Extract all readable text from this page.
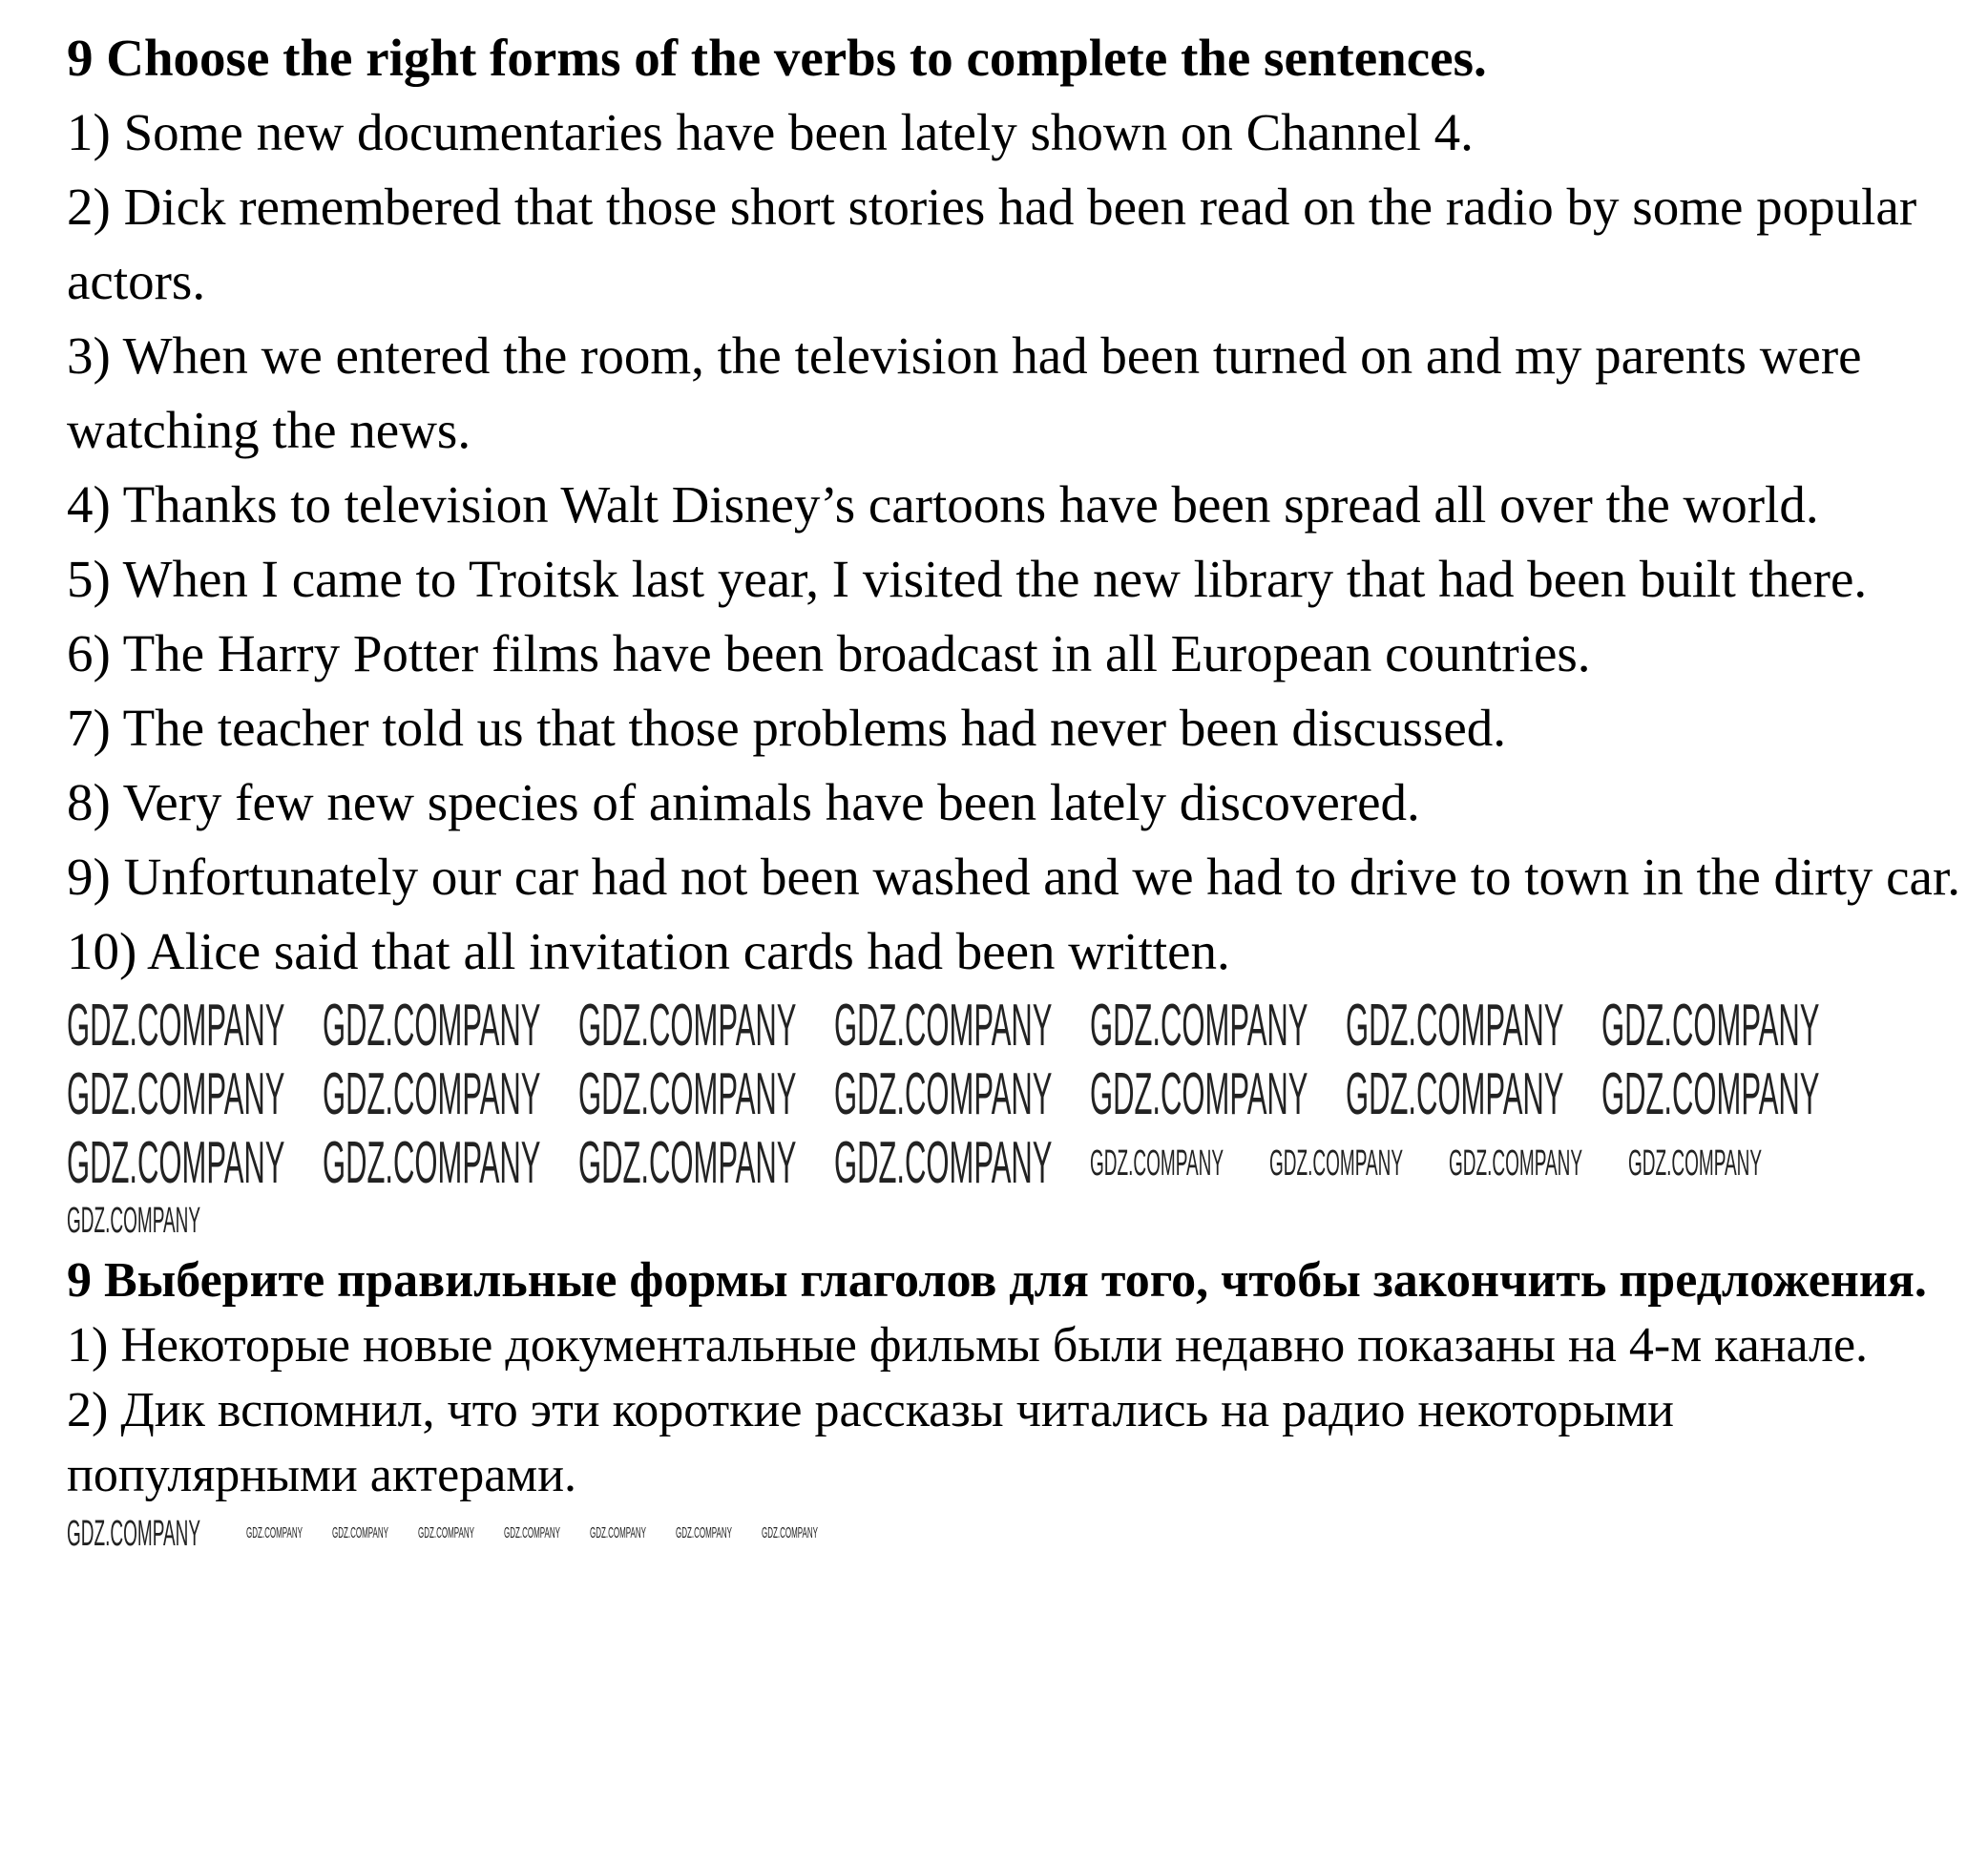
9 Choose the right forms of the verbs to complete the sentences.

1) Some new documentaries have been lately shown on Channel 4.

2) Dick remembered that those short stories had been read on the radio by some popular actors.

3) When we entered the room, the television had been turned on and my parents were watching the news.

4) Thanks to television Walt Disney’s cartoons have been spread all over the world.

5) When I came to Troitsk last year, I visited the new library that had been built there.

6) The Harry Potter films have been broadcast in all European countries.

7) The teacher told us that those problems had never been discussed.

8) Very few new species of animals have been lately discovered.

9) Unfortunately our car had not been washed and we had to drive to town in the dirty car.

10) Alice said that all invitation cards had been written.

GDZ.COMPANY GDZ.COMPANY GDZ.COMPANY GDZ.COMPANY GDZ.COMPANY GDZ.COMPANY GDZ.COMPANY
GDZ.COMPANY GDZ.COMPANY GDZ.COMPANY GDZ.COMPANY GDZ.COMPANY GDZ.COMPANY GDZ.COMPANY
GDZ.COMPANY GDZ.COMPANY GDZ.COMPANY GDZ.COMPANY GDZ.COMPANY GDZ.COMPANY GDZ.COMPANY GDZ.COMPANY
GDZ.COMPANY

9 Выберите правильные формы глаголов для того, чтобы закончить предложения.

1) Некоторые новые документальные фильмы были недавно показаны на 4-м канале.

2) Дик вспомнил, что эти короткие рассказы читались на радио некоторыми популярными актерами.

GDZ.COMPANY	GDZ.COMPANY GDZ.COMPANY GDZ.COMPANY GDZ.COMPANY GDZ.COMPANY GDZ.COMPANY GDZ.COMPANY
